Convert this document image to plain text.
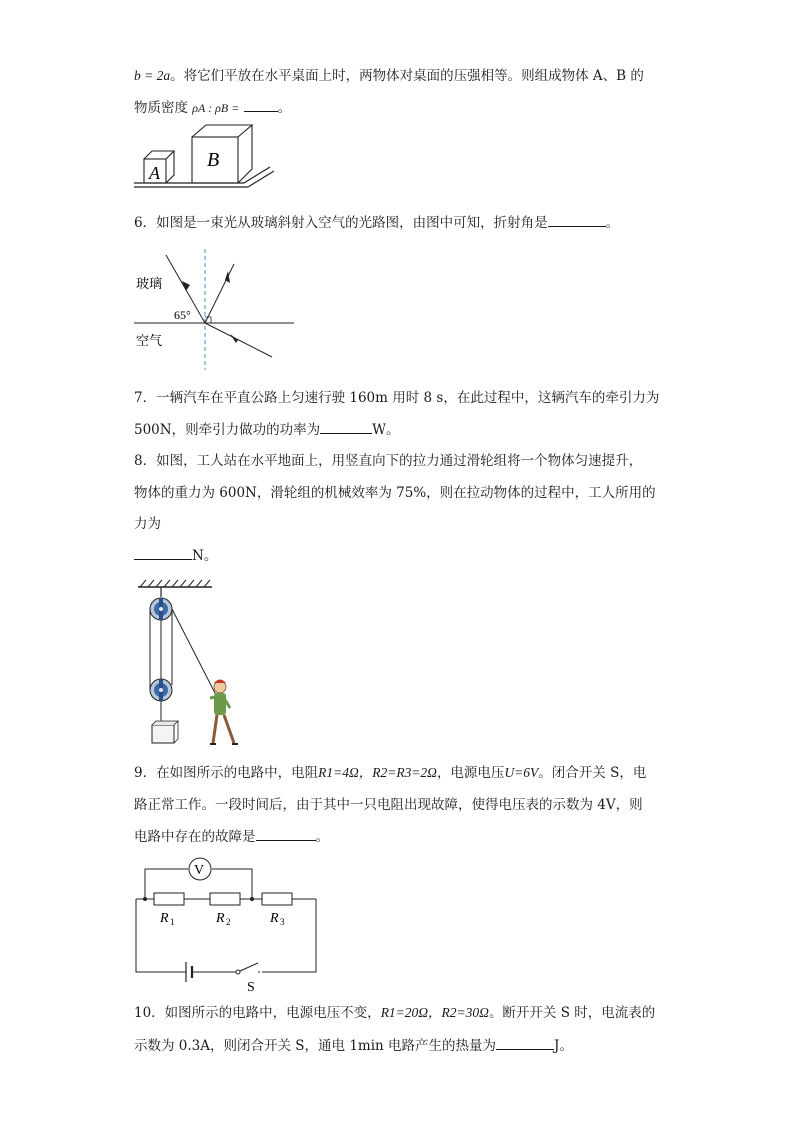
b = 2a。将它们平放在水平桌面上时，两物体对桌面的压强相等。则组成物体 A、B 的
物质密度 ρA : ρB =	。
A
B
6．如图是一束光从玻璃斜射入空气的光路图，由图中可知，折射角是	。
玻璃
65°
空气
7．一辆汽车在平直公路上匀速行驶 160m 用时 8 s，在此过程中，这辆汽车的牵引力为
500N，则牵引力做功的功率为	W。
8．如图，工人站在水平地面上，用竖直向下的拉力通过滑轮组将一个物体匀速提升，
物体的重力为 600N，滑轮组的机械效率为 75%，则在拉动物体的过程中，工人所用的
力为
N。
9．在如图所示的电路中，电阻R1=4Ω，R2=R3=2Ω，电源电压U=6V。闭合开关 S，电
路正常工作。一段时间后，由于其中一只电阻出现故障，使得电压表的示数为 4V，则
电路中存在的故障是	。
V
R 1	R 2	R 3
S
10．如图所示的电路中，电源电压不变，R1=20Ω，R2=30Ω。断开开关 S 时，电流表的
示数为 0.3A，则闭合开关 S，通电 1min 电路产生的热量为	J。
